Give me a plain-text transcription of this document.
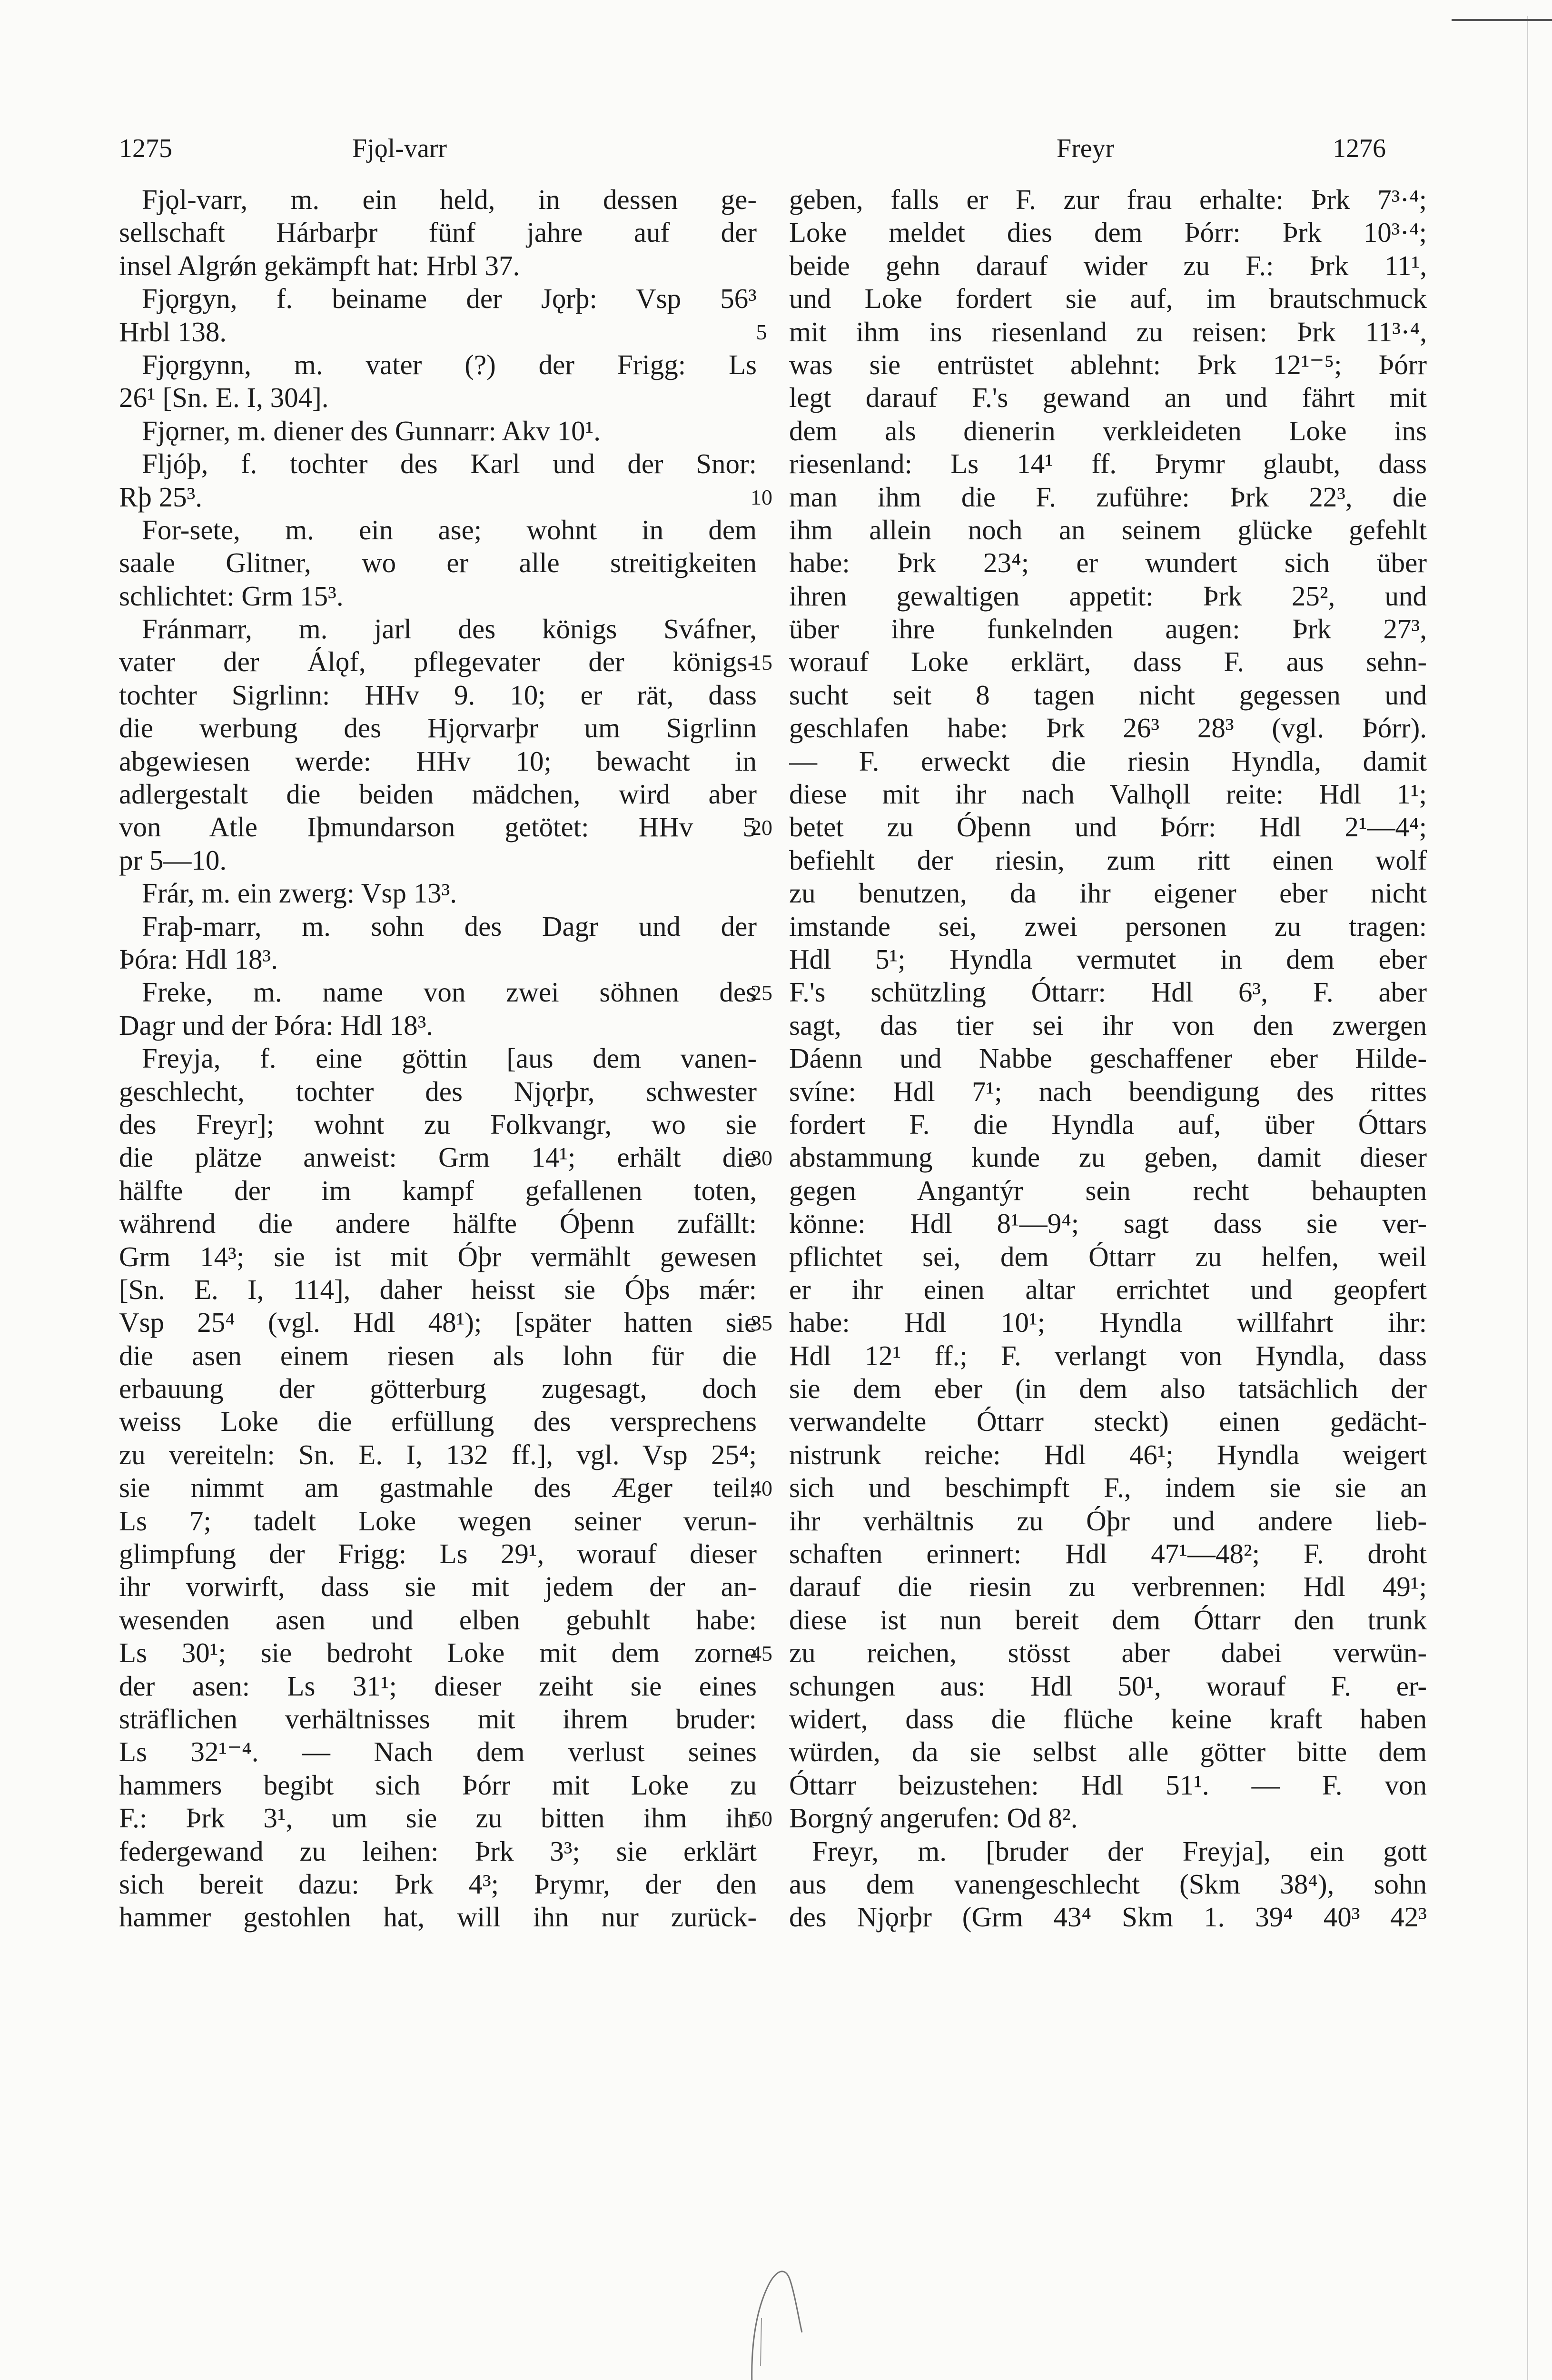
1275	Fjǫl-varr	Freyr	1276
Fjǫl-varr, m. ein held, in dessen ge-
sellschaft Hárbarþr fünf jahre auf der
insel Algrǿn gekämpft hat: Hrbl 37.
Fjǫrgyn, f. beiname der Jǫrþ: Vsp 56³
Hrbl 138.
Fjǫrgynn, m. vater (?) der Frigg: Ls
26¹ [Sn. E. I, 304].
Fjǫrner, m. diener des Gunnarr: Akv 10¹.
Fljóþ, f. tochter des Karl und der Snor:
Rþ 25³.
For-sete, m. ein ase; wohnt in dem
saale Glitner, wo er alle streitigkeiten
schlichtet: Grm 15³.
Fránmarr, m. jarl des königs Sváfner,
vater der Álǫf, pflegevater der königs-
tochter Sigrlinn: HHv 9. 10; er rät, dass
die werbung des Hjǫrvarþr um Sigrlinn
abgewiesen werde: HHv 10; bewacht in
adlergestalt die beiden mädchen, wird aber
von Atle Iþmundarson getötet: HHv 5
pr 5—10.
Frár, m. ein zwerg: Vsp 13³.
Fraþ-marr, m. sohn des Dagr und der
Þóra: Hdl 18³.
Freke, m. name von zwei söhnen des
Dagr und der Þóra: Hdl 18³.
Freyja, f. eine göttin [aus dem vanen-
geschlecht, tochter des Njǫrþr, schwester
des Freyr]; wohnt zu Folkvangr, wo sie
die plätze anweist: Grm 14¹; erhält die
hälfte der im kampf gefallenen toten,
während die andere hälfte Óþenn zufällt:
Grm 14³; sie ist mit Óþr vermählt gewesen
[Sn. E. I, 114], daher heisst sie Óþs mǽr:
Vsp 25⁴ (vgl. Hdl 48¹); [später hatten sie
die asen einem riesen als lohn für die
erbauung der götterburg zugesagt, doch
weiss Loke die erfüllung des versprechens
zu vereiteln: Sn. E. I, 132 ff.], vgl. Vsp 25⁴;
sie nimmt am gastmahle des Æger teil:
Ls 7; tadelt Loke wegen seiner verun-
glimpfung der Frigg: Ls 29¹, worauf dieser
ihr vorwirft, dass sie mit jedem der an-
wesenden asen und elben gebuhlt habe:
Ls 30¹; sie bedroht Loke mit dem zorne
der asen: Ls 31¹; dieser zeiht sie eines
sträflichen verhältnisses mit ihrem bruder:
Ls 32¹⁻⁴. — Nach dem verlust seines
hammers begibt sich Þórr mit Loke zu
F.: Þrk 3¹, um sie zu bitten ihm ihr
federgewand zu leihen: Þrk 3³; sie erklärt
sich bereit dazu: Þrk 4³; Þrymr, der den
hammer gestohlen hat, will ihn nur zurück-
5
10
15
20
25
30
35
40
45
50
geben, falls er F. zur frau erhalte: Þrk 7³·⁴;
Loke meldet dies dem Þórr: Þrk 10³·⁴;
beide gehn darauf wider zu F.: Þrk 11¹,
und Loke fordert sie auf, im brautschmuck
mit ihm ins riesenland zu reisen: Þrk 11³·⁴,
was sie entrüstet ablehnt: Þrk 12¹⁻⁵; Þórr
legt darauf F.'s gewand an und fährt mit
dem als dienerin verkleideten Loke ins
riesenland: Ls 14¹ ff. Þrymr glaubt, dass
man ihm die F. zuführe: Þrk 22³, die
ihm allein noch an seinem glücke gefehlt
habe: Þrk 23⁴; er wundert sich über
ihren gewaltigen appetit: Þrk 25², und
über ihre funkelnden augen: Þrk 27³,
worauf Loke erklärt, dass F. aus sehn-
sucht seit 8 tagen nicht gegessen und
geschlafen habe: Þrk 26³ 28³ (vgl. Þórr).
— F. erweckt die riesin Hyndla, damit
diese mit ihr nach Valhǫll reite: Hdl 1¹;
betet zu Óþenn und Þórr: Hdl 2¹—4⁴;
befiehlt der riesin, zum ritt einen wolf
zu benutzen, da ihr eigener eber nicht
imstande sei, zwei personen zu tragen:
Hdl 5¹; Hyndla vermutet in dem eber
F.'s schützling Óttarr: Hdl 6³, F. aber
sagt, das tier sei ihr von den zwergen
Dáenn und Nabbe geschaffener eber Hilde-
svíne: Hdl 7¹; nach beendigung des rittes
fordert F. die Hyndla auf, über Óttars
abstammung kunde zu geben, damit dieser
gegen Angantýr sein recht behaupten
könne: Hdl 8¹—9⁴; sagt dass sie ver-
pflichtet sei, dem Óttarr zu helfen, weil
er ihr einen altar errichtet und geopfert
habe: Hdl 10¹; Hyndla willfahrt ihr:
Hdl 12¹ ff.; F. verlangt von Hyndla, dass
sie dem eber (in dem also tatsächlich der
verwandelte Óttarr steckt) einen gedächt-
nistrunk reiche: Hdl 46¹; Hyndla weigert
sich und beschimpft F., indem sie sie an
ihr verhältnis zu Óþr und andere lieb-
schaften erinnert: Hdl 47¹—48²; F. droht
darauf die riesin zu verbrennen: Hdl 49¹;
diese ist nun bereit dem Óttarr den trunk
zu reichen, stösst aber dabei verwün-
schungen aus: Hdl 50¹, worauf F. er-
widert, dass die flüche keine kraft haben
würden, da sie selbst alle götter bitte dem
Óttarr beizustehen: Hdl 51¹. — F. von
Borgný angerufen: Od 8².
Freyr, m. [bruder der Freyja], ein gott
aus dem vanengeschlecht (Skm 38⁴), sohn
des Njǫrþr (Grm 43⁴ Skm 1. 39⁴ 40³ 42³
